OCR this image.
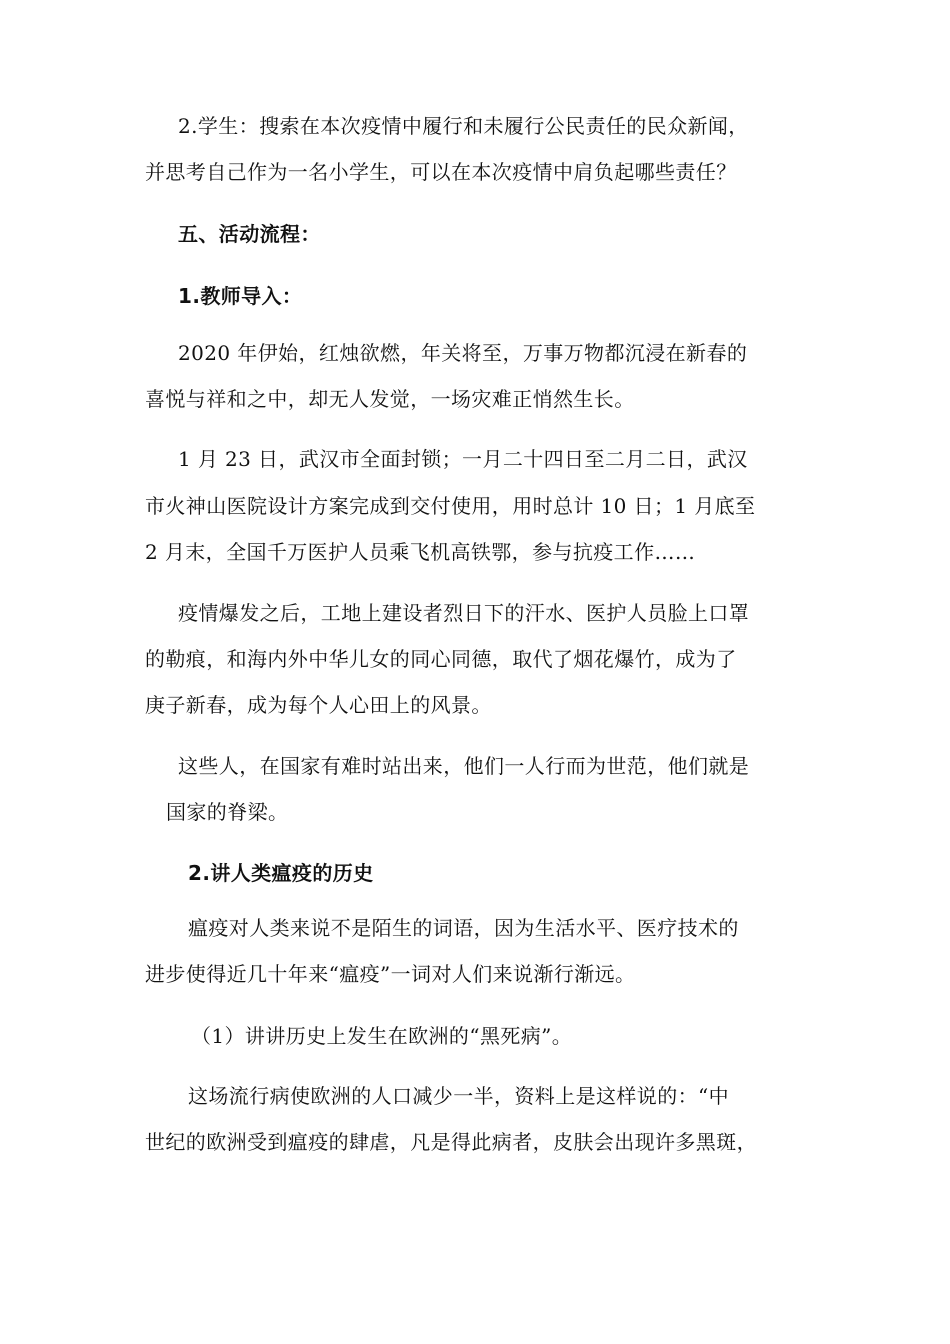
2.学生：搜索在本次疫情中履行和未履行公民责任的民众新闻，
并思考自己作为一名小学生，可以在本次疫情中肩负起哪些责任？
五、活动流程：
1.教师导入：
2020 年伊始，红烛欲燃，年关将至，万事万物都沉浸在新春的
喜悦与祥和之中，却无人发觉，一场灾难正悄然生长。
1 月 23 日，武汉市全面封锁；一月二十四日至二月二日，武汉
市火神山医院设计方案完成到交付使用，用时总计 10 日；1 月底至
2 月末，全国千万医护人员乘飞机高铁鄂，参与抗疫工作……
疫情爆发之后，工地上建设者烈日下的汗水、医护人员脸上口罩
的勒痕，和海内外中华儿女的同心同德，取代了烟花爆竹，成为了
庚子新春，成为每个人心田上的风景。
这些人，在国家有难时站出来，他们一人行而为世范，他们就是
国家的脊梁。
2.讲人类瘟疫的历史
瘟疫对人类来说不是陌生的词语，因为生活水平、医疗技术的
进步使得近几十年来“瘟疫”一词对人们来说渐行渐远。
（1）讲讲历史上发生在欧洲的“黑死病”。
这场流行病使欧洲的人口减少一半，资料上是这样说的：“中
世纪的欧洲受到瘟疫的肆虐，凡是得此病者，皮肤会出现许多黑斑，
